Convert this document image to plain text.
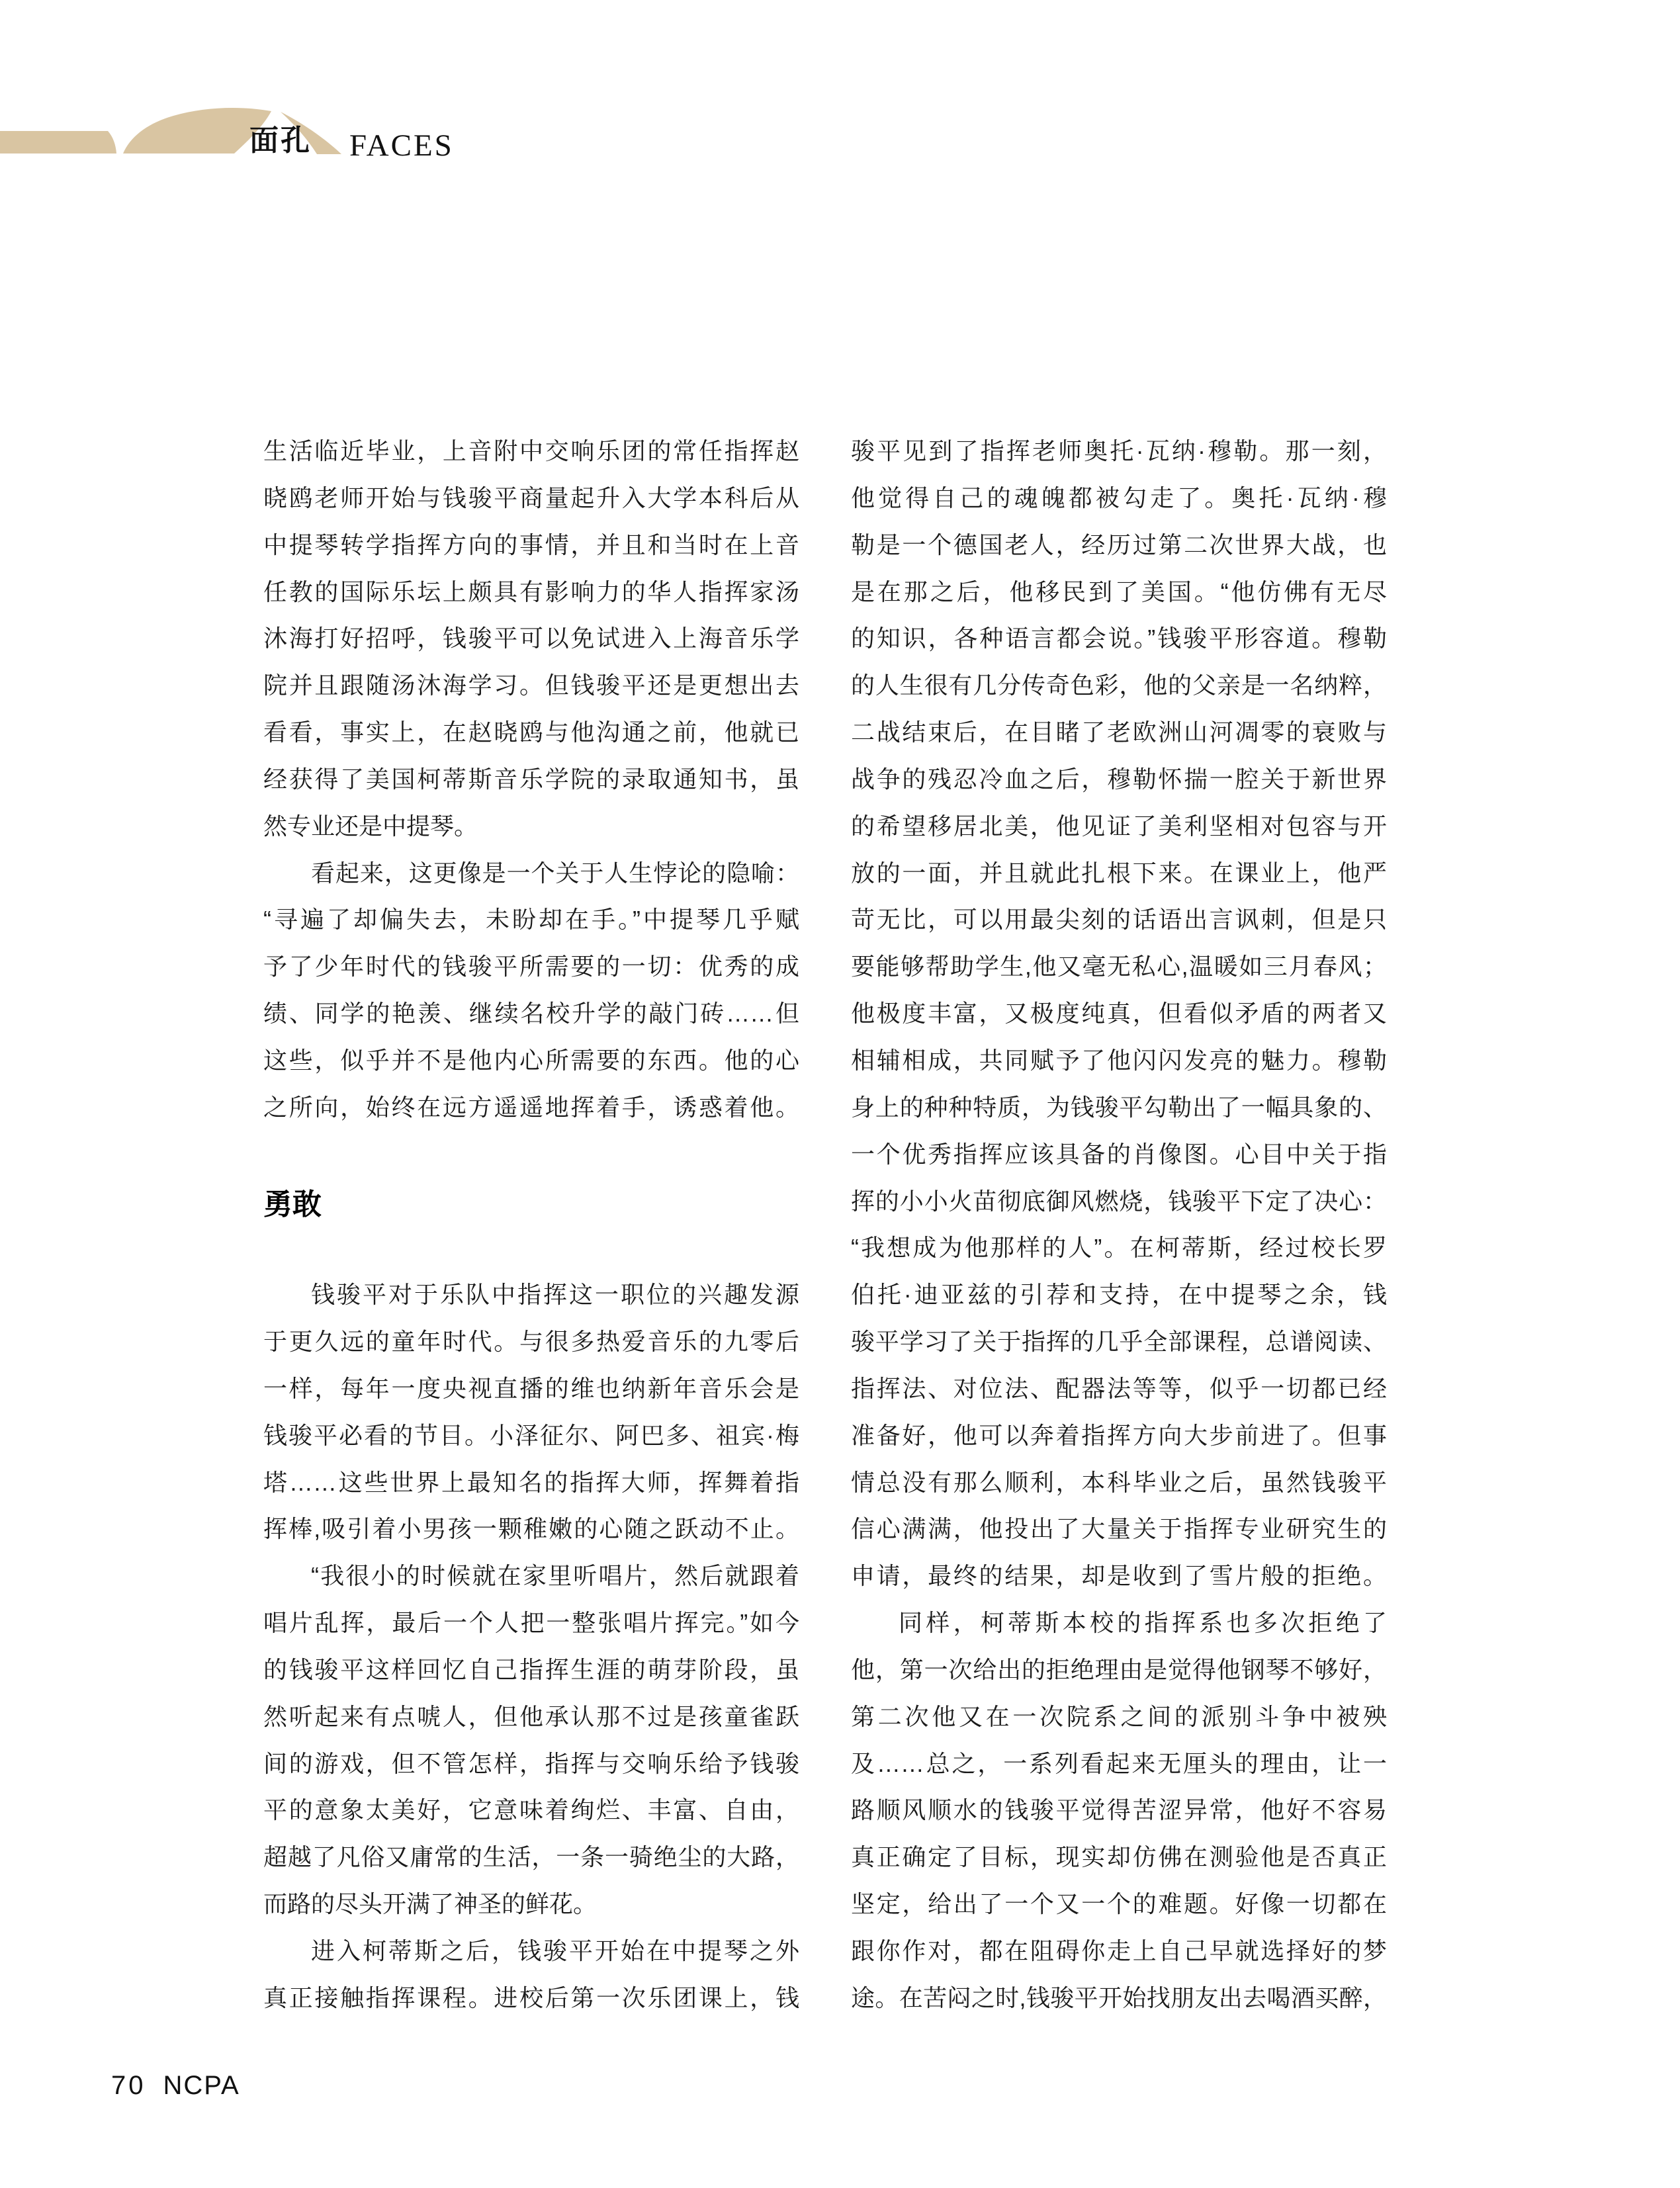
面孔 FACES
生活临近毕业，上音附中交响乐团的常任指挥赵
晓鸥老师开始与钱骏平商量起升入大学本科后从
中提琴转学指挥方向的事情，并且和当时在上音
任教的国际乐坛上颇具有影响力的华人指挥家汤
沐海打好招呼，钱骏平可以免试进入上海音乐学
院并且跟随汤沐海学习。但钱骏平还是更想出去
看看，事实上，在赵晓鸥与他沟通之前，他就已
经获得了美国柯蒂斯音乐学院的录取通知书，虽
然专业还是中提琴。
看起来，这更像是一个关于人生悖论的隐喻：
“寻遍了却偏失去，未盼却在手。”中提琴几乎赋
予了少年时代的钱骏平所需要的一切：优秀的成
绩、同学的艳羡、继续名校升学的敲门砖……但
这些，似乎并不是他内心所需要的东西。他的心
之所向，始终在远方遥遥地挥着手，诱惑着他。
勇敢
钱骏平对于乐队中指挥这一职位的兴趣发源
于更久远的童年时代。与很多热爱音乐的九零后
一样，每年一度央视直播的维也纳新年音乐会是
钱骏平必看的节目。小泽征尔、阿巴多、祖宾·梅
塔……这些世界上最知名的指挥大师，挥舞着指
挥棒,吸引着小男孩一颗稚嫩的心随之跃动不止。
“我很小的时候就在家里听唱片，然后就跟着
唱片乱挥，最后一个人把一整张唱片挥完。”如今
的钱骏平这样回忆自己指挥生涯的萌芽阶段，虽
然听起来有点唬人，但他承认那不过是孩童雀跃
间的游戏，但不管怎样，指挥与交响乐给予钱骏
平的意象太美好，它意味着绚烂、丰富、自由，
超越了凡俗又庸常的生活，一条一骑绝尘的大路，
而路的尽头开满了神圣的鲜花。
进入柯蒂斯之后，钱骏平开始在中提琴之外
真正接触指挥课程。进校后第一次乐团课上，钱
骏平见到了指挥老师奥托·瓦纳·穆勒。那一刻，
他觉得自己的魂魄都被勾走了。奥托·瓦纳·穆
勒是一个德国老人，经历过第二次世界大战，也
是在那之后，他移民到了美国。“他仿佛有无尽
的知识，各种语言都会说。”钱骏平形容道。穆勒
的人生很有几分传奇色彩，他的父亲是一名纳粹，
二战结束后，在目睹了老欧洲山河凋零的衰败与
战争的残忍冷血之后，穆勒怀揣一腔关于新世界
的希望移居北美，他见证了美利坚相对包容与开
放的一面，并且就此扎根下来。在课业上，他严
苛无比，可以用最尖刻的话语出言讽刺，但是只
要能够帮助学生,他又毫无私心,温暖如三月春风；
他极度丰富，又极度纯真，但看似矛盾的两者又
相辅相成，共同赋予了他闪闪发亮的魅力。穆勒
身上的种种特质，为钱骏平勾勒出了一幅具象的、
一个优秀指挥应该具备的肖像图。心目中关于指
挥的小小火苗彻底御风燃烧，钱骏平下定了决心：
“我想成为他那样的人”。在柯蒂斯，经过校长罗
伯托·迪亚兹的引荐和支持，在中提琴之余，钱
骏平学习了关于指挥的几乎全部课程，总谱阅读、
指挥法、对位法、配器法等等，似乎一切都已经
准备好，他可以奔着指挥方向大步前进了。但事
情总没有那么顺利，本科毕业之后，虽然钱骏平
信心满满，他投出了大量关于指挥专业研究生的
申请，最终的结果，却是收到了雪片般的拒绝。
同样，柯蒂斯本校的指挥系也多次拒绝了
他，第一次给出的拒绝理由是觉得他钢琴不够好，
第二次他又在一次院系之间的派别斗争中被殃
及……总之，一系列看起来无厘头的理由，让一
路顺风顺水的钱骏平觉得苦涩异常，他好不容易
真正确定了目标，现实却仿佛在测验他是否真正
坚定，给出了一个又一个的难题。好像一切都在
跟你作对，都在阻碍你走上自己早就选择好的梦
途。在苦闷之时,钱骏平开始找朋友出去喝酒买醉，
70 NCPA
